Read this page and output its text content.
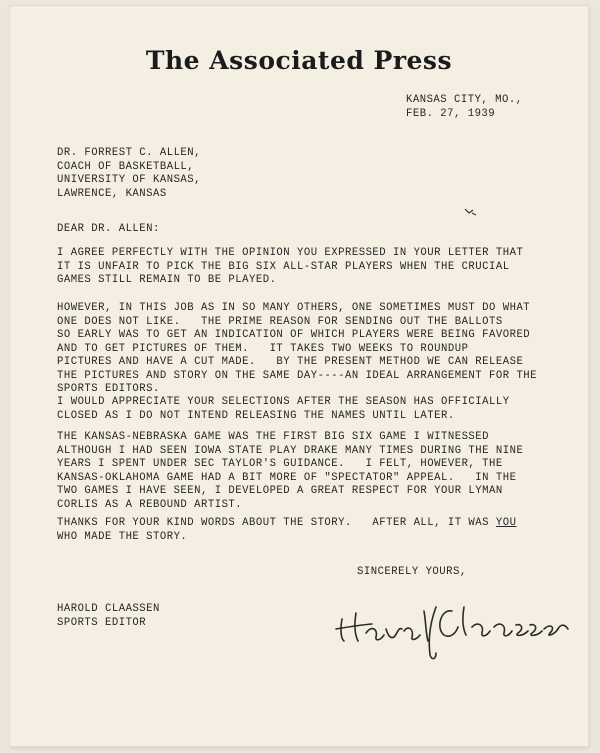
The Associated Press
KANSAS CITY, MO.,
FEB. 27, 1939
DR. FORREST C. ALLEN,
COACH OF BASKETBALL,
UNIVERSITY OF KANSAS,
LAWRENCE, KANSAS
DEAR DR. ALLEN:
I AGREE PERFECTLY WITH THE OPINION YOU EXPRESSED IN YOUR LETTER THAT
IT IS UNFAIR TO PICK THE BIG SIX ALL-STAR PLAYERS WHEN THE CRUCIAL
GAMES STILL REMAIN TO BE PLAYED.
HOWEVER, IN THIS JOB AS IN SO MANY OTHERS, ONE SOMETIMES MUST DO WHAT
ONE DOES NOT LIKE.   THE PRIME REASON FOR SENDING OUT THE BALLOTS
SO EARLY WAS TO GET AN INDICATION OF WHICH PLAYERS WERE BEING FAVORED
AND TO GET PICTURES OF THEM.   IT TAKES TWO WEEKS TO ROUNDUP
PICTURES AND HAVE A CUT MADE.   BY THE PRESENT METHOD WE CAN RELEASE
THE PICTURES AND STORY ON THE SAME DAY----AN IDEAL ARRANGEMENT FOR THE
SPORTS EDITORS.
I WOULD APPRECIATE YOUR SELECTIONS AFTER THE SEASON HAS OFFICIALLY
CLOSED AS I DO NOT INTEND RELEASING THE NAMES UNTIL LATER.
THE KANSAS-NEBRASKA GAME WAS THE FIRST BIG SIX GAME I WITNESSED
ALTHOUGH I HAD SEEN IOWA STATE PLAY DRAKE MANY TIMES DURING THE NINE
YEARS I SPENT UNDER SEC TAYLOR'S GUIDANCE.   I FELT, HOWEVER, THE
KANSAS-OKLAHOMA GAME HAD A BIT MORE OF "SPECTATOR" APPEAL.   IN THE
TWO GAMES I HAVE SEEN, I DEVELOPED A GREAT RESPECT FOR YOUR LYMAN
CORLIS AS A REBOUND ARTIST.
THANKS FOR YOUR KIND WORDS ABOUT THE STORY.   AFTER ALL, IT WAS YOU
WHO MADE THE STORY.
SINCERELY YOURS,
HAROLD CLAASSEN
SPORTS EDITOR
